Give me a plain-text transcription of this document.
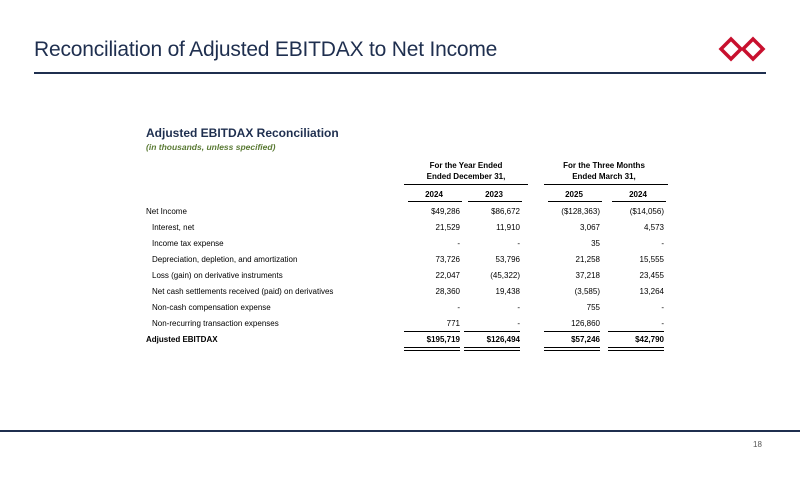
Reconciliation of Adjusted EBITDAX to Net Income
Adjusted EBITDAX Reconciliation
(in thousands, unless specified)
For the Year Ended
Ended December 31,
For the Three Months
Ended March 31,
2024	2023	2025	2024
Net Income	$49,286	$86,672	($128,363)	($14,056)
Interest, net	21,529	11,910	3,067	4,573
Income tax expense	-	-	35	-
Depreciation, depletion, and amortization	73,726	53,796	21,258	15,555
Loss (gain) on derivative instruments	22,047	(45,322)	37,218	23,455
Net cash settlements received (paid) on derivatives	28,360	19,438	(3,585)	13,264
Non-cash compensation expense	-	-	755	-
Non-recurring transaction expenses	771	-	126,860	-
Adjusted EBITDAX	$195,719	$126,494	$57,246	$42,790
18
